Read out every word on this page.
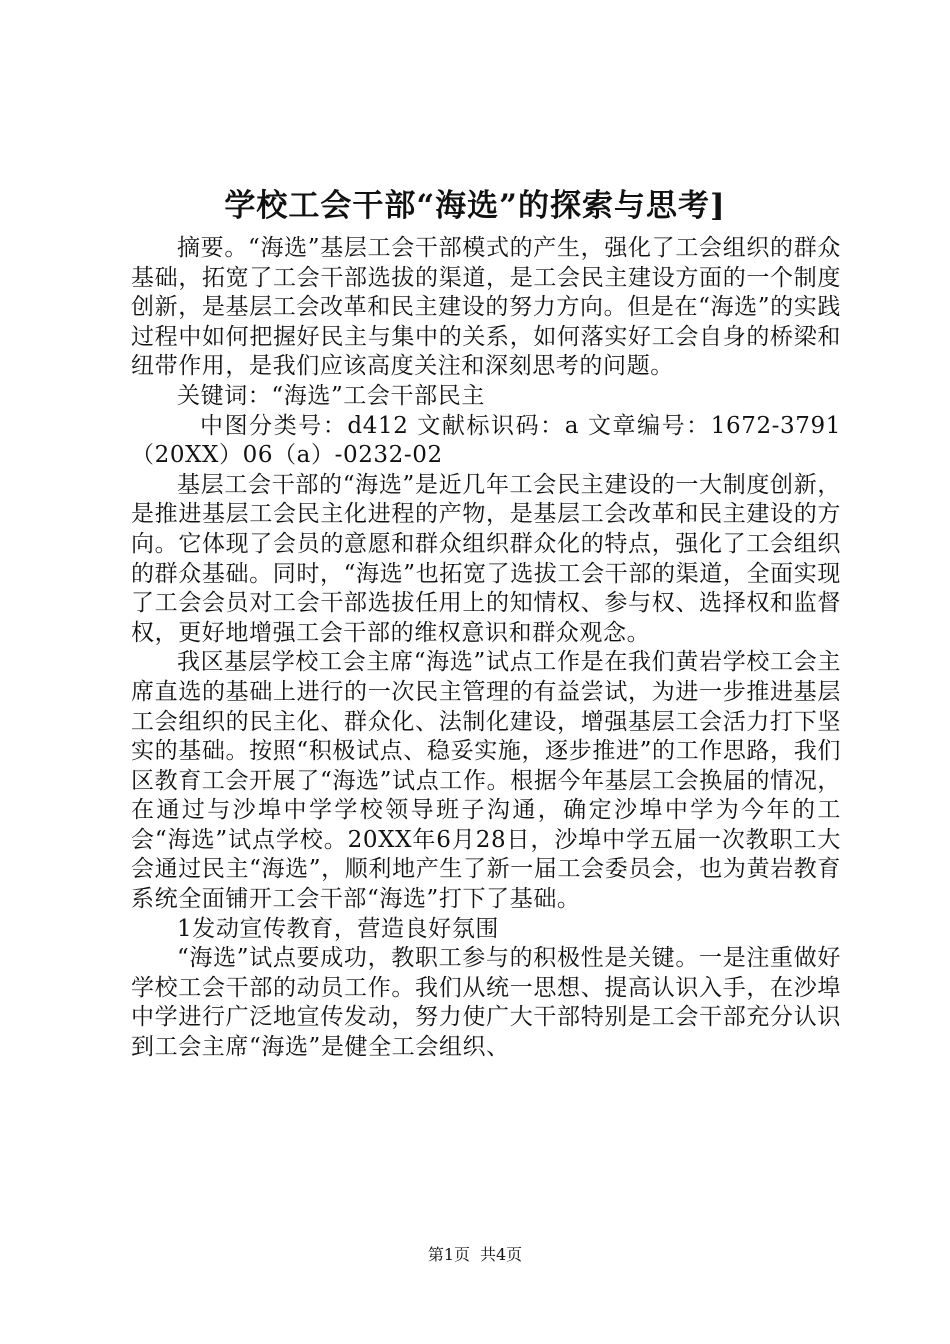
学校工会干部“海选”的探索与思考]

摘要。“海选”基层工会干部模式的产生，强化了工会组织的群众基础，拓宽了工会干部选拔的渠道，是工会民主建设方面的一个制度创新，是基层工会改革和民主建设的努力方向。但是在“海选”的实践过程中如何把握好民主与集中的关系，如何落实好工会自身的桥梁和纽带作用，是我们应该高度关注和深刻思考的问题。

关键词：“海选”工会干部民主

中图分类号：d412 文献标识码：a 文章编号：1672-3791（20XX）06（a）-0232-02

基层工会干部的“海选”是近几年工会民主建设的一大制度创新，是推进基层工会民主化进程的产物，是基层工会改革和民主建设的方向。它体现了会员的意愿和群众组织群众化的特点，强化了工会组织的群众基础。同时，“海选”也拓宽了选拔工会干部的渠道，全面实现了工会会员对工会干部选拔任用上的知情权、参与权、选择权和监督权，更好地增强工会干部的维权意识和群众观念。

我区基层学校工会主席“海选”试点工作是在我们黄岩学校工会主席直选的基础上进行的一次民主管理的有益尝试，为进一步推进基层工会组织的民主化、群众化、法制化建设，增强基层工会活力打下坚实的基础。按照“积极试点、稳妥实施，逐步推进”的工作思路，我们区教育工会开展了“海选”试点工作。根据今年基层工会换届的情况，在通过与沙埠中学学校领导班子沟通，确定沙埠中学为今年的工会“海选”试点学校。20XX年6月28日，沙埠中学五届一次教职工大会通过民主“海选”，顺利地产生了新一届工会委员会，也为黄岩教育系统全面铺开工会干部“海选”打下了基础。

1发动宣传教育，营造良好氛围

“海选”试点要成功，教职工参与的积极性是关键。一是注重做好学校工会干部的动员工作。我们从统一思想、提高认识入手，在沙埠中学进行广泛地宣传发动，努力使广大干部特别是工会干部充分认识到工会主席“海选”是健全工会组织、

第1页 共4页
